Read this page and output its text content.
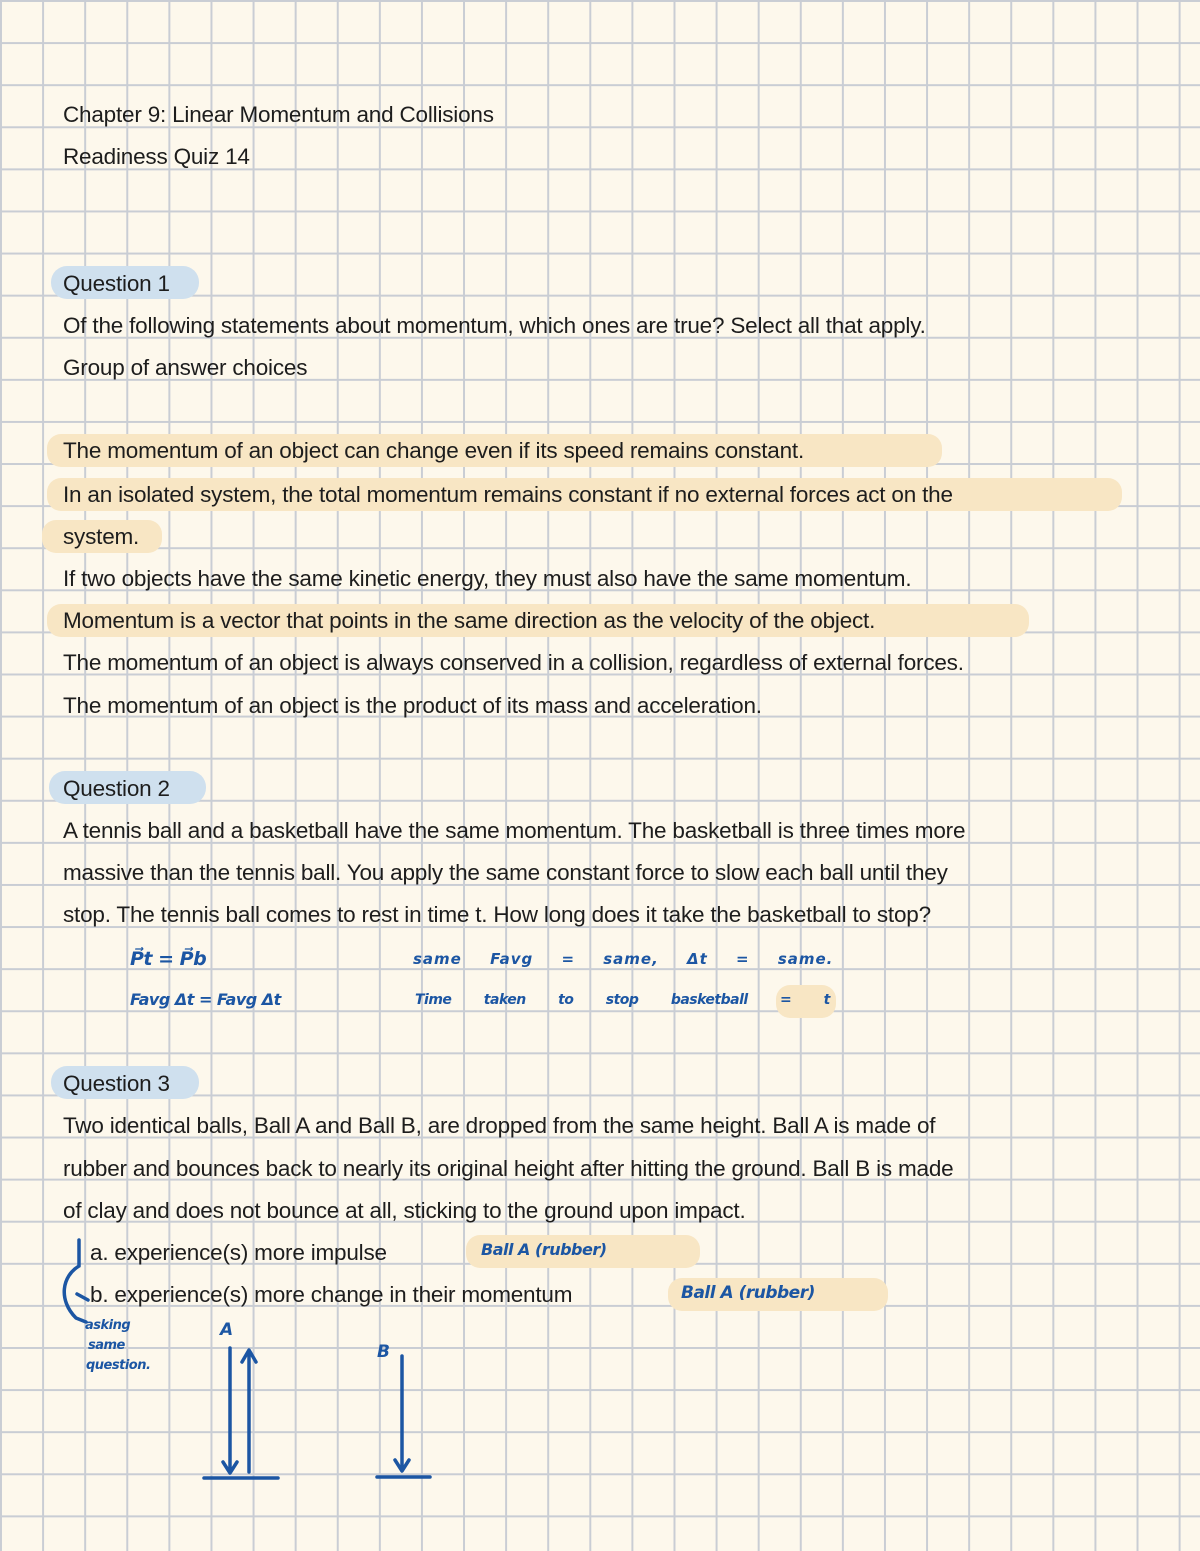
Chapter 9: Linear Momentum and Collisions
Readiness Quiz 14
Question 1
Of the following statements about momentum, which ones are true? Select all that apply.
Group of answer choices
The momentum of an object can change even if its speed remains constant.
In an isolated system, the total momentum remains constant if no external forces act on the
system.
If two objects have the same kinetic energy, they must also have the same momentum.
Momentum is a vector that points in the same direction as the velocity of the object.
The momentum of an object is always conserved in a collision, regardless of external forces.
The momentum of an object is the product of its mass and acceleration.
Question 2
A tennis ball and a basketball have the same momentum. The basketball is three times more
massive than the tennis ball. You apply the same constant force to slow each ball until they
stop. The tennis ball comes to rest in time t. How long does it take the basketball to stop?
P⃗t = P⃗b
Favg Δt = Favg Δt
same Favg = same, Δt = same.
Time taken to stop basketball = t
Question 3
Two identical balls, Ball A and Ball B, are dropped from the same height. Ball A is made of
rubber and bounces back to nearly its original height after hitting the ground. Ball B is made
of clay and does not bounce at all, sticking to the ground upon impact.
a. experience(s) more impulse
b. experience(s) more change in their momentum
Ball A (rubber)
Ball A (rubber)
asking
same
question.
A
B
